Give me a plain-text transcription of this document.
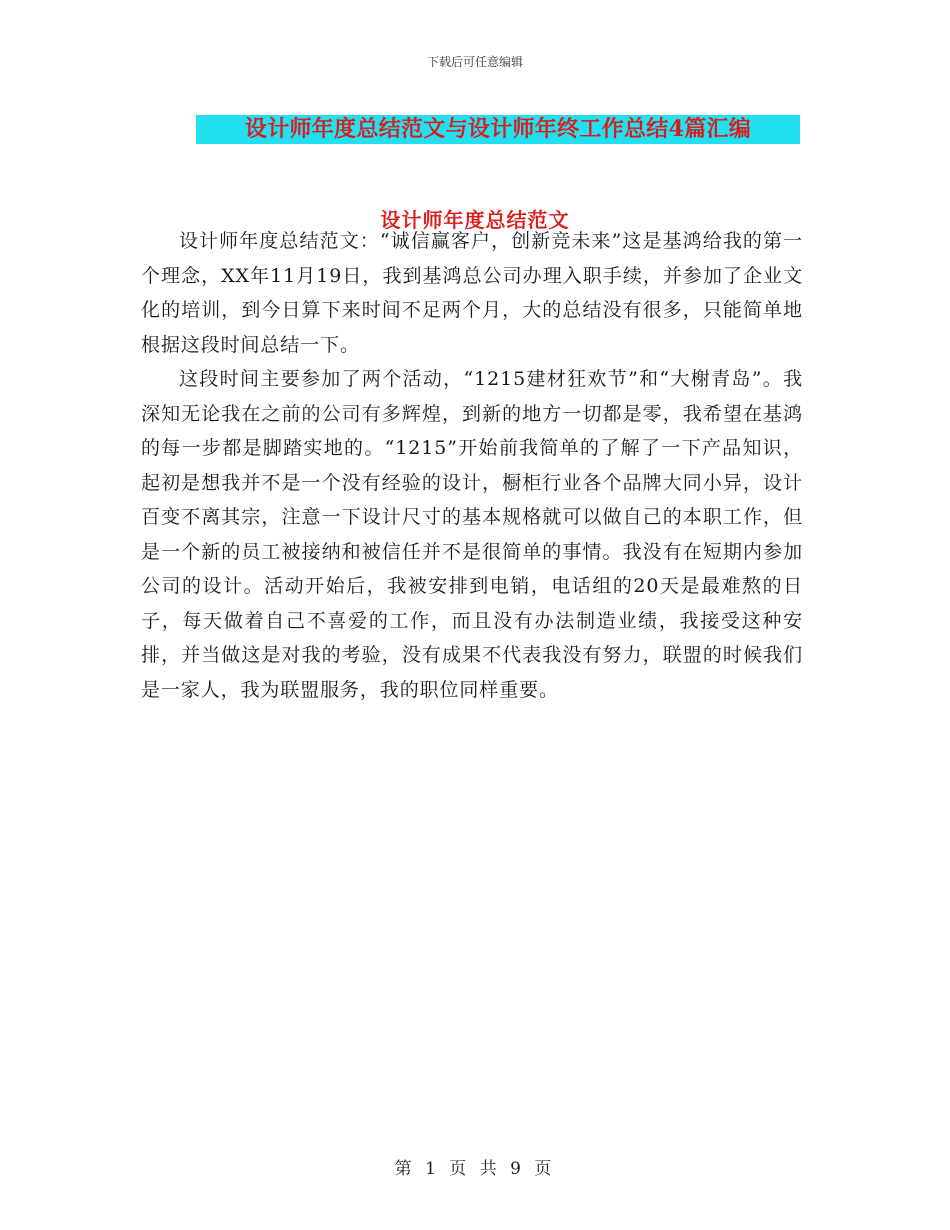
下载后可任意编辑
设计师年度总结范文与设计师年终工作总结4篇汇编
设计师年度总结范文

设计师年度总结范文：“诚信赢客户，创新竞未来”这是基鸿给我的第一个理念，XX年11月19日，我到基鸿总公司办理入职手续，并参加了企业文化的培训，到今日算下来时间不足两个月，大的总结没有很多，只能简单地根据这段时间总结一下。

这段时间主要参加了两个活动，“1215建材狂欢节”和“大榭青岛”。我深知无论我在之前的公司有多辉煌，到新的地方一切都是零，我希望在基鸿的每一步都是脚踏实地的。“1215”开始前我简单的了解了一下产品知识，起初是想我并不是一个没有经验的设计，橱柜行业各个品牌大同小异，设计百变不离其宗，注意一下设计尺寸的基本规格就可以做自己的本职工作，但是一个新的员工被接纳和被信任并不是很简单的事情。我没有在短期内参加公司的设计。活动开始后，我被安排到电销，电话组的20天是最难熬的日子，每天做着自己不喜爱的工作，而且没有办法制造业绩，我接受这种安排，并当做这是对我的考验，没有成果不代表我没有努力，联盟的时候我们是一家人，我为联盟服务，我的职位同样重要。

第 1 页 共 9 页
